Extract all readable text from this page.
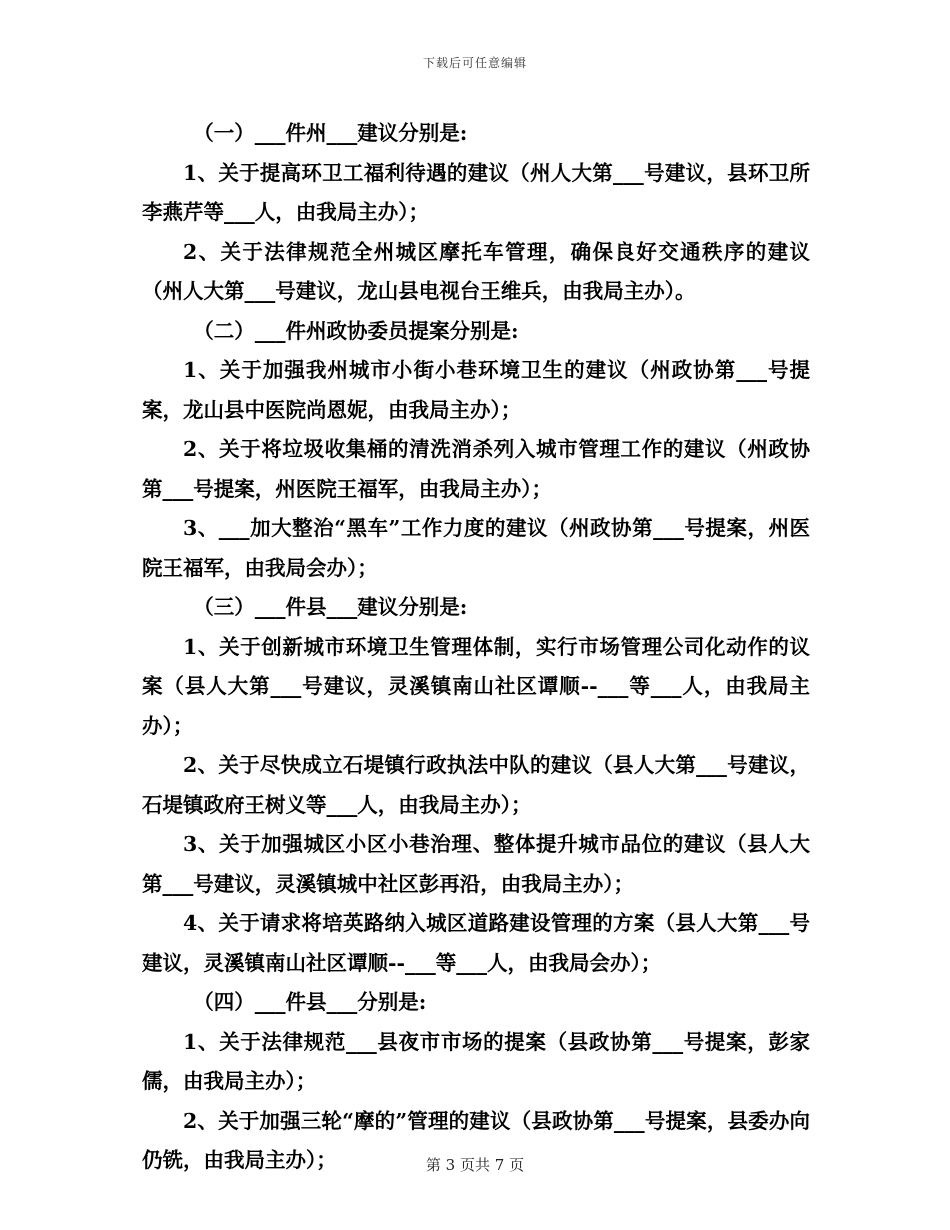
下载后可任意编辑

（一）___件州___建议分别是:

1、关于提高环卫工福利待遇的建议（州人大第___号建议，县环卫所李燕芹等___人，由我局主办）；

2、关于法律规范全州城区摩托车管理，确保良好交通秩序的建议（州人大第___号建议，龙山县电视台王维兵，由我局主办）。

（二）___件州政协委员提案分别是:

1、关于加强我州城市小街小巷环境卫生的建议（州政协第___号提案，龙山县中医院尚恩妮，由我局主办）；

2、关于将垃圾收集桶的清洗消杀列入城市管理工作的建议（州政协第___号提案，州医院王福军，由我局主办）；

3、___加大整治“黑车”工作力度的建议（州政协第___号提案，州医院王福军，由我局会办）；

（三）___件县___建议分别是:

1、关于创新城市环境卫生管理体制，实行市场管理公司化动作的议案（县人大第___号建议，灵溪镇南山社区谭顺--___等___人，由我局主办）；

2、关于尽快成立石堤镇行政执法中队的建议（县人大第___号建议，石堤镇政府王树义等___人，由我局主办）；

3、关于加强城区小区小巷治理、整体提升城市品位的建议（县人大第___号建议，灵溪镇城中社区彭再沿，由我局主办）；

4、关于请求将培英路纳入城区道路建设管理的方案（县人大第___号建议，灵溪镇南山社区谭顺--___等___人，由我局会办）；

（四）___件县___分别是:

1、关于法律规范___县夜市市场的提案（县政协第___号提案，彭家儒，由我局主办）；

2、关于加强三轮“摩的”管理的建议（县政协第___号提案，县委办向仍铣，由我局主办）；	第 3 页共 7 页
